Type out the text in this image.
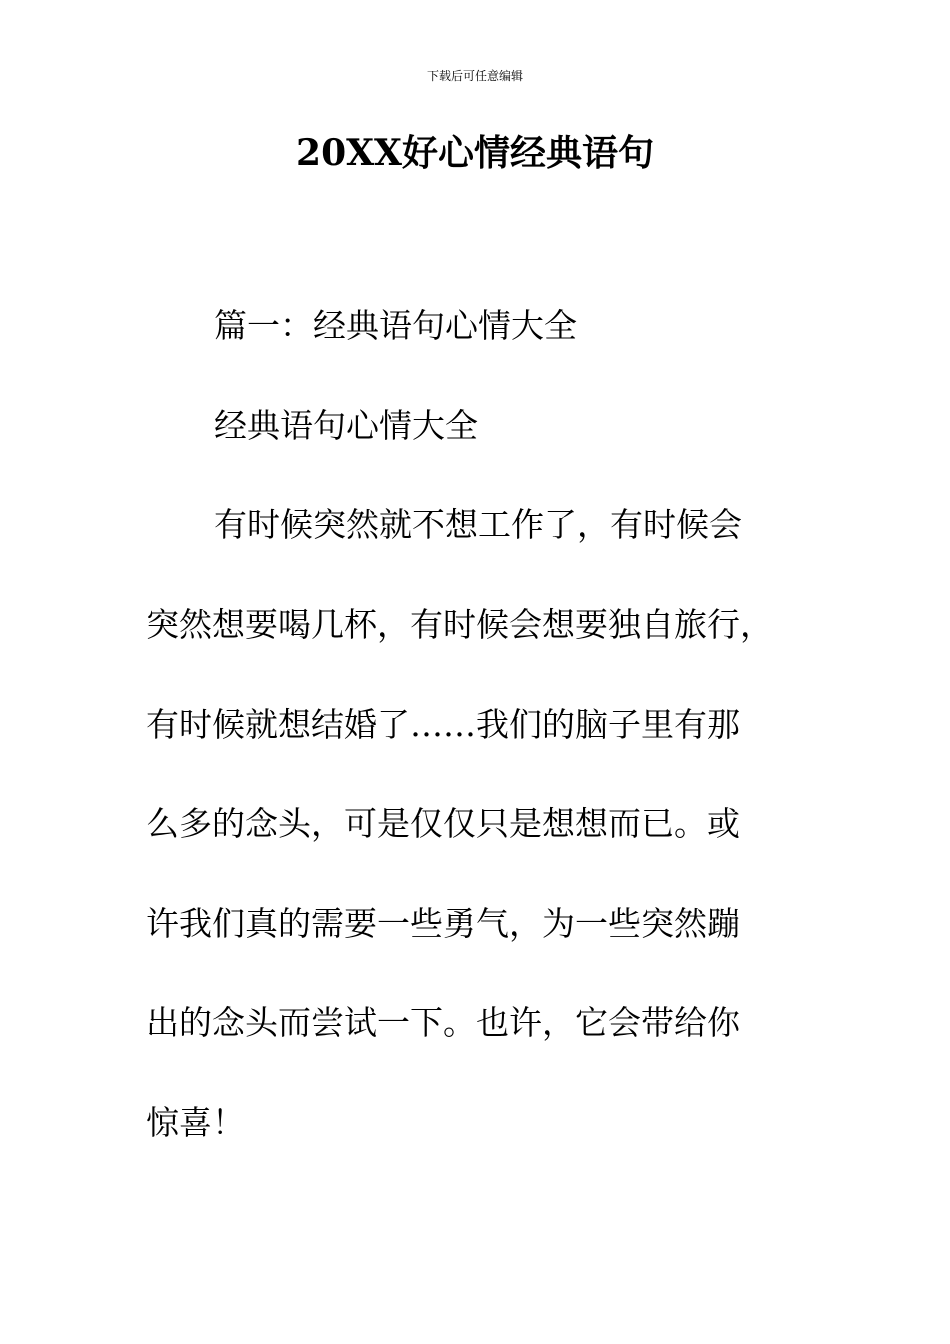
下载后可任意编辑
20XX好心情经典语句
篇一：经典语句心情大全
经典语句心情大全
有时候突然就不想工作了，有时候会
突然想要喝几杯，有时候会想要独自旅行，
有时候就想结婚了……我们的脑子里有那
么多的念头，可是仅仅只是想想而已。或
许我们真的需要一些勇气，为一些突然蹦
出的念头而尝试一下。也许，它会带给你
惊喜！
